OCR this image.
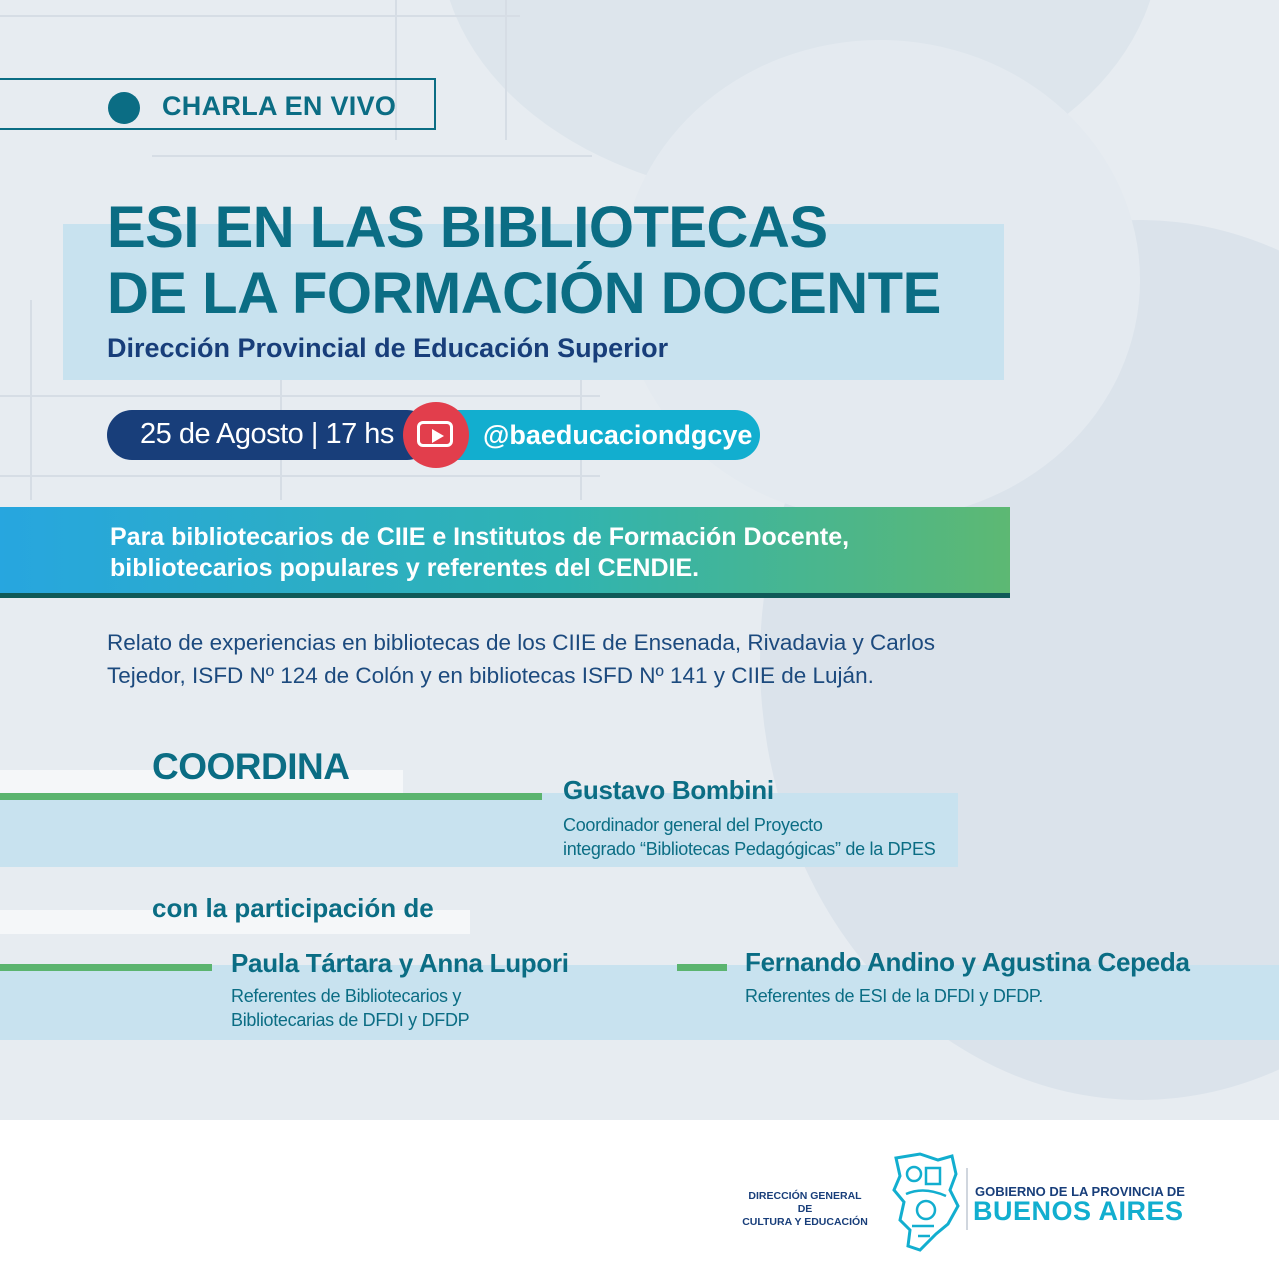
CHARLA EN VIVO
ESI EN LAS BIBLIOTECAS
DE LA FORMACIÓN DOCENTE
Dirección Provincial de Educación Superior
25 de Agosto | 17 hs	@baeducaciondgcye
Para bibliotecarios de CIIE e Institutos de Formación Docente,
bibliotecarios populares y referentes del CENDIE.
Relato de experiencias en bibliotecas de los CIIE de Ensenada, Rivadavia y Carlos
Tejedor, ISFD Nº 124 de Colón y en bibliotecas ISFD Nº 141 y CIIE de Luján.
COORDINA
Gustavo Bombini
Coordinador general del Proyecto
integrado “Bibliotecas Pedagógicas” de la DPES
con la participación de
Paula Tártara y Anna Lupori
Referentes de Bibliotecarios y
Bibliotecarias de DFDI y DFDP
Fernando Andino y Agustina Cepeda
Referentes de ESI de la DFDI y DFDP.
DIRECCIÓN GENERAL DE
CULTURA Y EDUCACIÓN
GOBIERNO DE LA PROVINCIA DE
BUENOS AIRES
